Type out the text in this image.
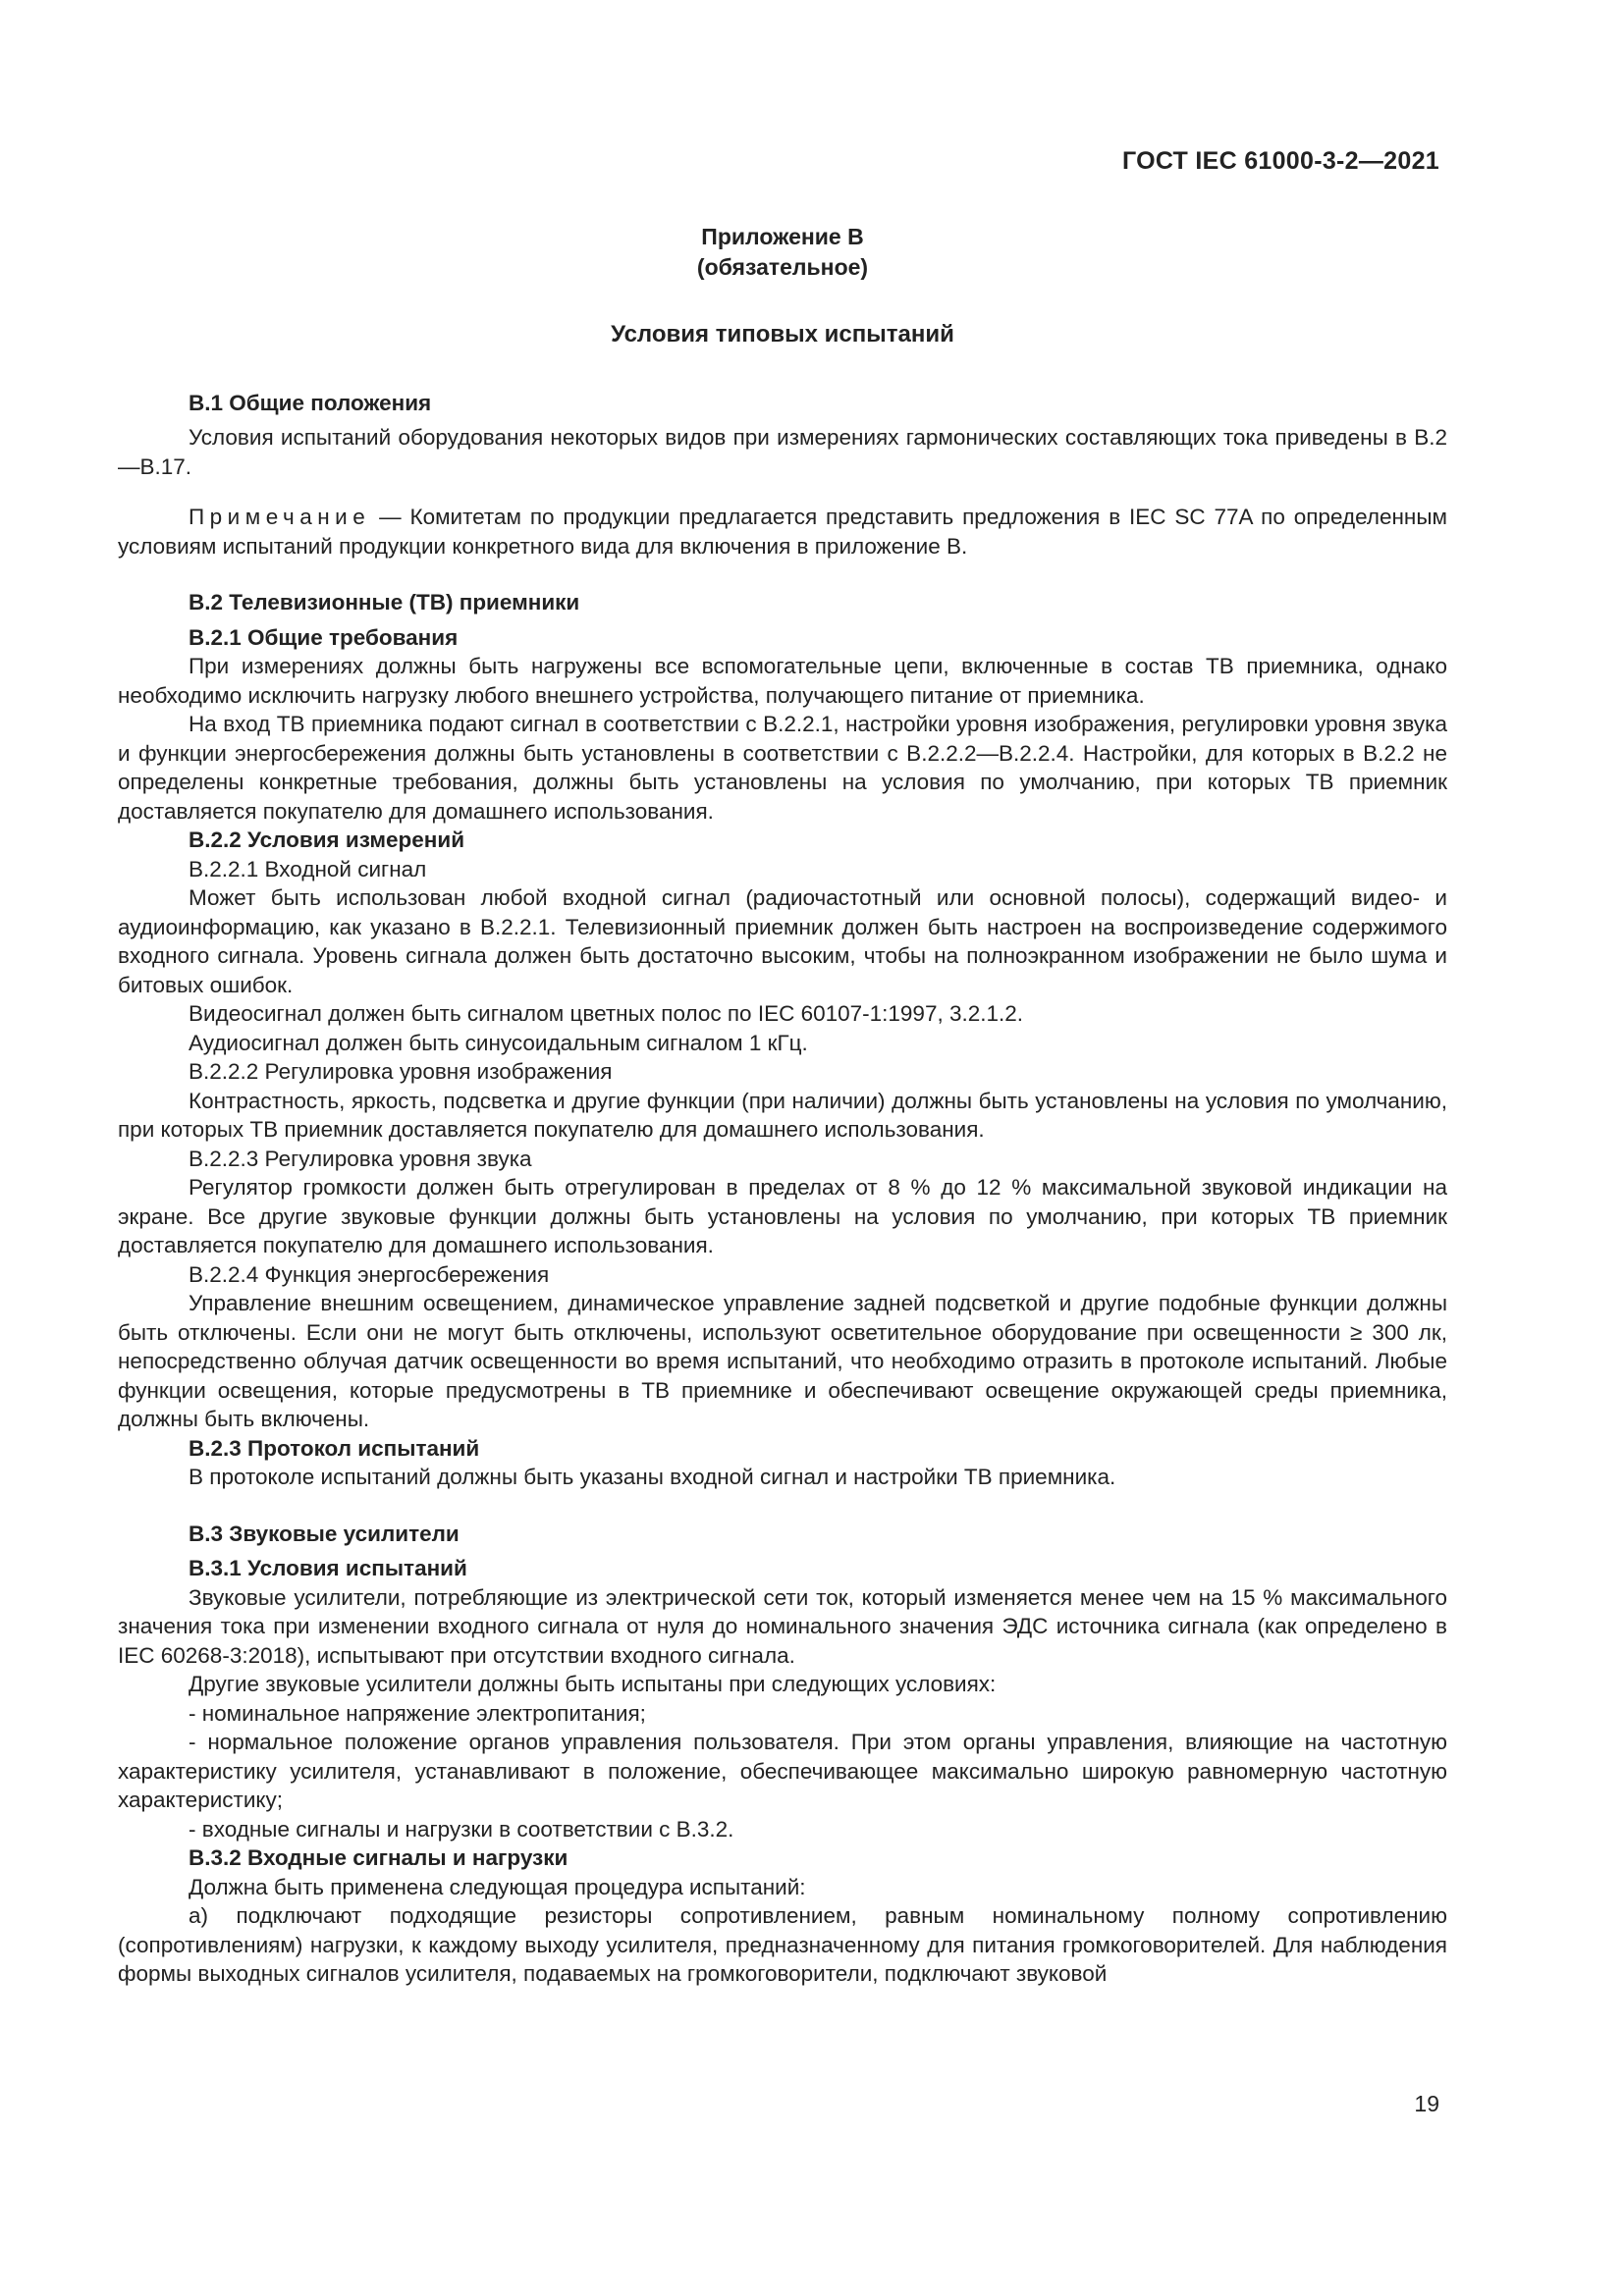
ГОСТ IEC 61000-3-2—2021

Приложение В

(обязательное)

Условия типовых испытаний

В.1 Общие положения

Условия испытаний оборудования некоторых видов при измерениях гармонических составляющих тока приведены в В.2—В.17.

Примечание — Комитетам по продукции предлагается представить предложения в IEC SC 77A по определенным условиям испытаний продукции конкретного вида для включения в приложение В.

В.2 Телевизионные (ТВ) приемники

В.2.1 Общие требования

При измерениях должны быть нагружены все вспомогательные цепи, включенные в состав ТВ приемника, однако необходимо исключить нагрузку любого внешнего устройства, получающего питание от приемника.

На вход ТВ приемника подают сигнал в соответствии с В.2.2.1, настройки уровня изображения, регулировки уровня звука и функции энергосбережения должны быть установлены в соответствии с В.2.2.2—В.2.2.4. Настройки, для которых в В.2.2 не определены конкретные требования, должны быть установлены на условия по умолчанию, при которых ТВ приемник доставляется покупателю для домашнего использования.

В.2.2 Условия измерений

В.2.2.1 Входной сигнал

Может быть использован любой входной сигнал (радиочастотный или основной полосы), содержащий видео- и аудиоинформацию, как указано в В.2.2.1. Телевизионный приемник должен быть настроен на воспроизведение содержимого входного сигнала. Уровень сигнала должен быть достаточно высоким, чтобы на полноэкранном изображении не было шума и битовых ошибок.

Видеосигнал должен быть сигналом цветных полос по IEC 60107-1:1997, 3.2.1.2.

Аудиосигнал должен быть синусоидальным сигналом 1 кГц.

В.2.2.2 Регулировка уровня изображения

Контрастность, яркость, подсветка и другие функции (при наличии) должны быть установлены на условия по умолчанию, при которых ТВ приемник доставляется покупателю для домашнего использования.

В.2.2.3 Регулировка уровня звука

Регулятор громкости должен быть отрегулирован в пределах от 8 % до 12 % максимальной звуковой индикации на экране. Все другие звуковые функции должны быть установлены на условия по умолчанию, при которых ТВ приемник доставляется покупателю для домашнего использования.

В.2.2.4 Функция энергосбережения

Управление внешним освещением, динамическое управление задней подсветкой и другие подобные функции должны быть отключены. Если они не могут быть отключены, используют осветительное оборудование при освещенности ≥ 300 лк, непосредственно облучая датчик освещенности во время испытаний, что необходимо отразить в протоколе испытаний. Любые функции освещения, которые предусмотрены в ТВ приемнике и обеспечивают освещение окружающей среды приемника, должны быть включены.

В.2.3 Протокол испытаний

В протоколе испытаний должны быть указаны входной сигнал и настройки ТВ приемника.

В.3 Звуковые усилители

В.3.1 Условия испытаний

Звуковые усилители, потребляющие из электрической сети ток, который изменяется менее чем на 15 % максимального значения тока при изменении входного сигнала от нуля до номинального значения ЭДС источника сигнала (как определено в IEC 60268-3:2018), испытывают при отсутствии входного сигнала.

Другие звуковые усилители должны быть испытаны при следующих условиях:

- номинальное напряжение электропитания;

- нормальное положение органов управления пользователя. При этом органы управления, влияющие на частотную характеристику усилителя, устанавливают в положение, обеспечивающее максимально широкую равномерную частотную характеристику;

- входные сигналы и нагрузки в соответствии с В.3.2.

В.3.2 Входные сигналы и нагрузки

Должна быть применена следующая процедура испытаний:

а) подключают подходящие резисторы сопротивлением, равным номинальному полному сопротивлению (сопротивлениям) нагрузки, к каждому выходу усилителя, предназначенному для питания громкоговорителей. Для наблюдения формы выходных сигналов усилителя, подаваемых на громкоговорители, подключают звуковой

19
